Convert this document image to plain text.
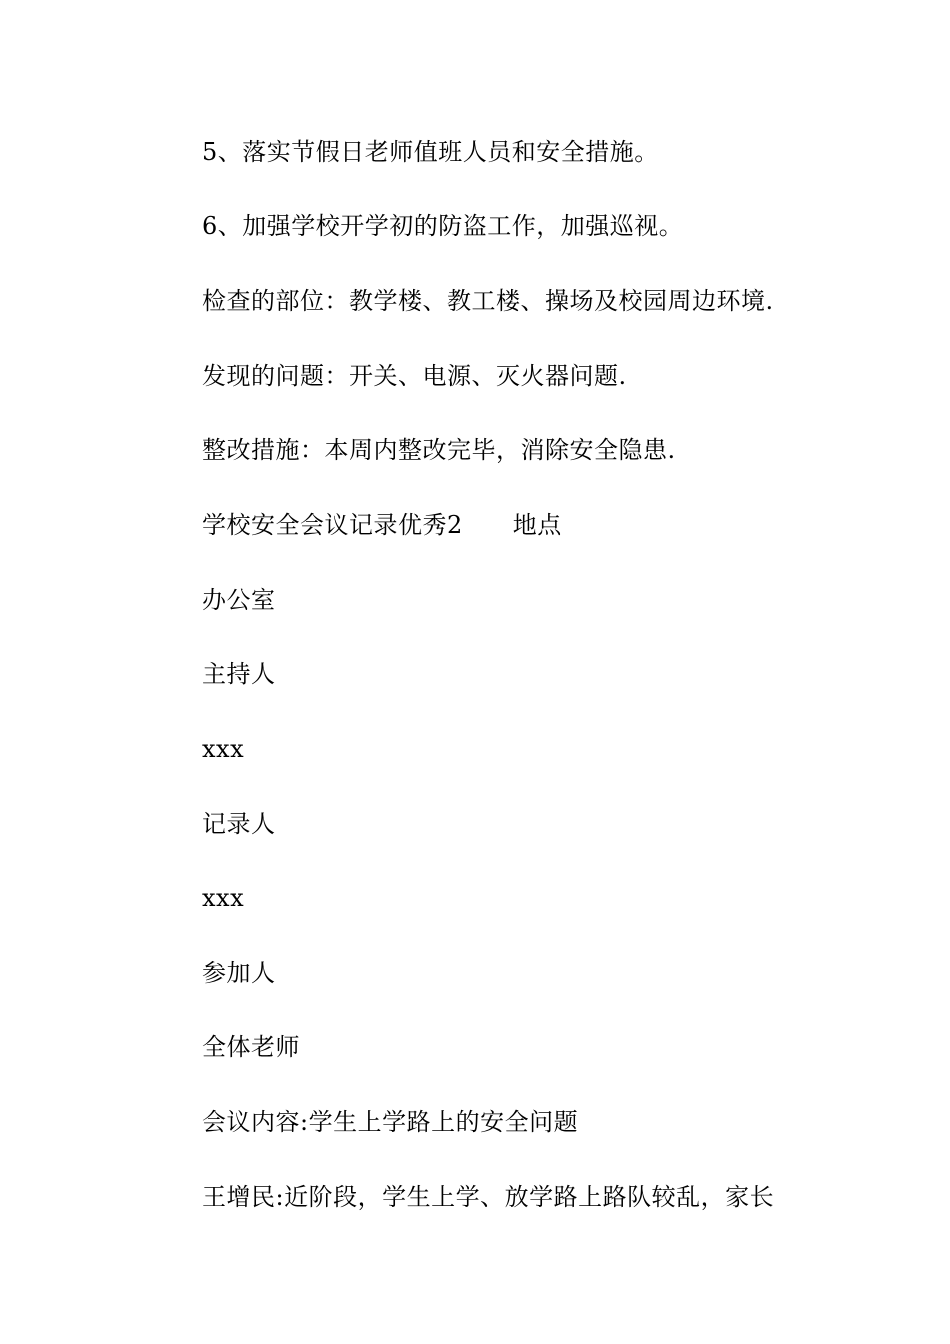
5、落实节假日老师值班人员和安全措施。
6、加强学校开学初的防盗工作，加强巡视。
检查的部位：教学楼、教工楼、操场及校园周边环境.
发现的问题：开关、电源、灭火器问题.
整改措施：本周内整改完毕，消除安全隐患.
学校安全会议记录优秀2 地点
办公室
主持人
xxx
记录人
xxx
参加人
全体老师
会议内容:学生上学路上的安全问题
王增民:近阶段，学生上学、放学路上路队较乱，家长
